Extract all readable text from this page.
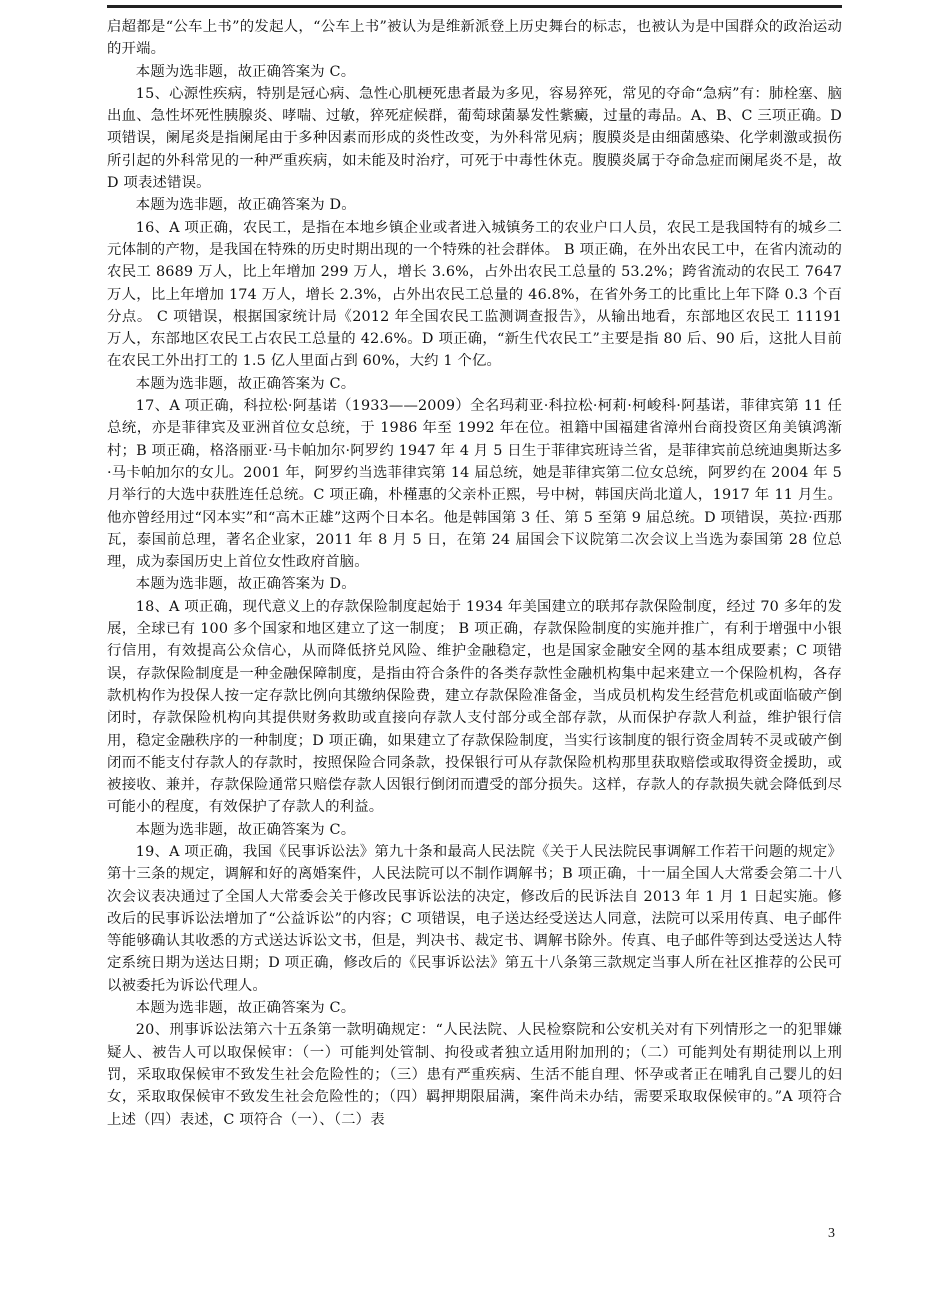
启超都是“公车上书”的发起人，“公车上书”被认为是维新派登上历史舞台的标志，也被认为是中国群众的政治运动的开端。

本题为选非题，故正确答案为 C。

15、心源性疾病，特别是冠心病、急性心肌梗死患者最为多见，容易猝死，常见的夺命“急病”有：肺栓塞、脑出血、急性坏死性胰腺炎、哮喘、过敏，猝死症候群，葡萄球菌暴发性紫癜，过量的毒品。A、B、C 三项正确。D 项错误，阑尾炎是指阑尾由于多种因素而形成的炎性改变，为外科常见病；腹膜炎是由细菌感染、化学刺激或损伤所引起的外科常见的一种严重疾病，如未能及时治疗，可死于中毒性休克。腹膜炎属于夺命急症而阑尾炎不是，故 D 项表述错误。

本题为选非题，故正确答案为 D。

16、A 项正确，农民工，是指在本地乡镇企业或者进入城镇务工的农业户口人员，农民工是我国特有的城乡二元体制的产物，是我国在特殊的历史时期出现的一个特殊的社会群体。 B 项正确，在外出农民工中，在省内流动的农民工 8689 万人，比上年增加 299 万人，增长 3.6%，占外出农民工总量的 53.2%；跨省流动的农民工 7647 万人，比上年增加 174 万人，增长 2.3%，占外出农民工总量的 46.8%，在省外务工的比重比上年下降 0.3 个百分点。 C 项错误，根据国家统计局《2012 年全国农民工监测调查报告》，从输出地看，东部地区农民工 11191 万人，东部地区农民工占农民工总量的 42.6%。D 项正确，“新生代农民工”主要是指 80 后、90 后，这批人目前在农民工外出打工的 1.5 亿人里面占到 60%，大约 1 个亿。

本题为选非题，故正确答案为 C。

17、A 项正确，科拉松·阿基诺（1933——2009）全名玛莉亚·科拉松·柯莉·柯峻科·阿基诺，菲律宾第 11 任总统，亦是菲律宾及亚洲首位女总统，于 1986 年至 1992 年在位。祖籍中国福建省漳州台商投资区角美镇鸿渐村；B 项正确，格洛丽亚·马卡帕加尔·阿罗约 1947 年 4 月 5 日生于菲律宾班诗兰省，是菲律宾前总统迪奥斯达多·马卡帕加尔的女儿。2001 年，阿罗约当选菲律宾第 14 届总统，她是菲律宾第二位女总统，阿罗约在 2004 年 5 月举行的大选中获胜连任总统。C 项正确，朴槿惠的父亲朴正熙，号中树，韩国庆尚北道人，1917 年 11 月生。他亦曾经用过“冈本实”和“高木正雄”这两个日本名。他是韩国第 3 任、第 5 至第 9 届总统。D 项错误，英拉·西那瓦，泰国前总理，著名企业家，2011 年 8 月 5 日，在第 24 届国会下议院第二次会议上当选为泰国第 28 位总理，成为泰国历史上首位女性政府首脑。

本题为选非题，故正确答案为 D。

18、A 项正确，现代意义上的存款保险制度起始于 1934 年美国建立的联邦存款保险制度，经过 70 多年的发展，全球已有 100 多个国家和地区建立了这一制度； B 项正确，存款保险制度的实施并推广，有利于增强中小银行信用，有效提高公众信心，从而降低挤兑风险、维护金融稳定，也是国家金融安全网的基本组成要素；C 项错误，存款保险制度是一种金融保障制度，是指由符合条件的各类存款性金融机构集中起来建立一个保险机构，各存款机构作为投保人按一定存款比例向其缴纳保险费，建立存款保险准备金，当成员机构发生经营危机或面临破产倒闭时，存款保险机构向其提供财务救助或直接向存款人支付部分或全部存款，从而保护存款人利益，维护银行信用，稳定金融秩序的一种制度；D 项正确，如果建立了存款保险制度，当实行该制度的银行资金周转不灵或破产倒闭而不能支付存款人的存款时，按照保险合同条款，投保银行可从存款保险机构那里获取赔偿或取得资金援助，或被接收、兼并，存款保险通常只赔偿存款人因银行倒闭而遭受的部分损失。这样，存款人的存款损失就会降低到尽可能小的程度，有效保护了存款人的利益。

本题为选非题，故正确答案为 C。

19、A 项正确，我国《民事诉讼法》第九十条和最高人民法院《关于人民法院民事调解工作若干问题的规定》第十三条的规定，调解和好的离婚案件，人民法院可以不制作调解书；B 项正确，十一届全国人大常委会第二十八次会议表决通过了全国人大常委会关于修改民事诉讼法的决定，修改后的民诉法自 2013 年 1 月 1 日起实施。修改后的民事诉讼法增加了“公益诉讼”的内容；C 项错误，电子送达经受送达人同意，法院可以采用传真、电子邮件等能够确认其收悉的方式送达诉讼文书，但是，判决书、裁定书、调解书除外。传真、电子邮件等到达受送达人特定系统日期为送达日期；D 项正确，修改后的《民事诉讼法》第五十八条第三款规定当事人所在社区推荐的公民可以被委托为诉讼代理人。

本题为选非题，故正确答案为 C。

20、刑事诉讼法第六十五条第一款明确规定：“人民法院、人民检察院和公安机关对有下列情形之一的犯罪嫌疑人、被告人可以取保候审：（一）可能判处管制、拘役或者独立适用附加刑的；（二）可能判处有期徒刑以上刑罚，采取取保候审不致发生社会危险性的；（三）患有严重疾病、生活不能自理、怀孕或者正在哺乳自己婴儿的妇女，采取取保候审不致发生社会危险性的；（四）羁押期限届满，案件尚未办结，需要采取取保候审的。”A 项符合上述（四）表述，C 项符合（一）、（二）表

3
